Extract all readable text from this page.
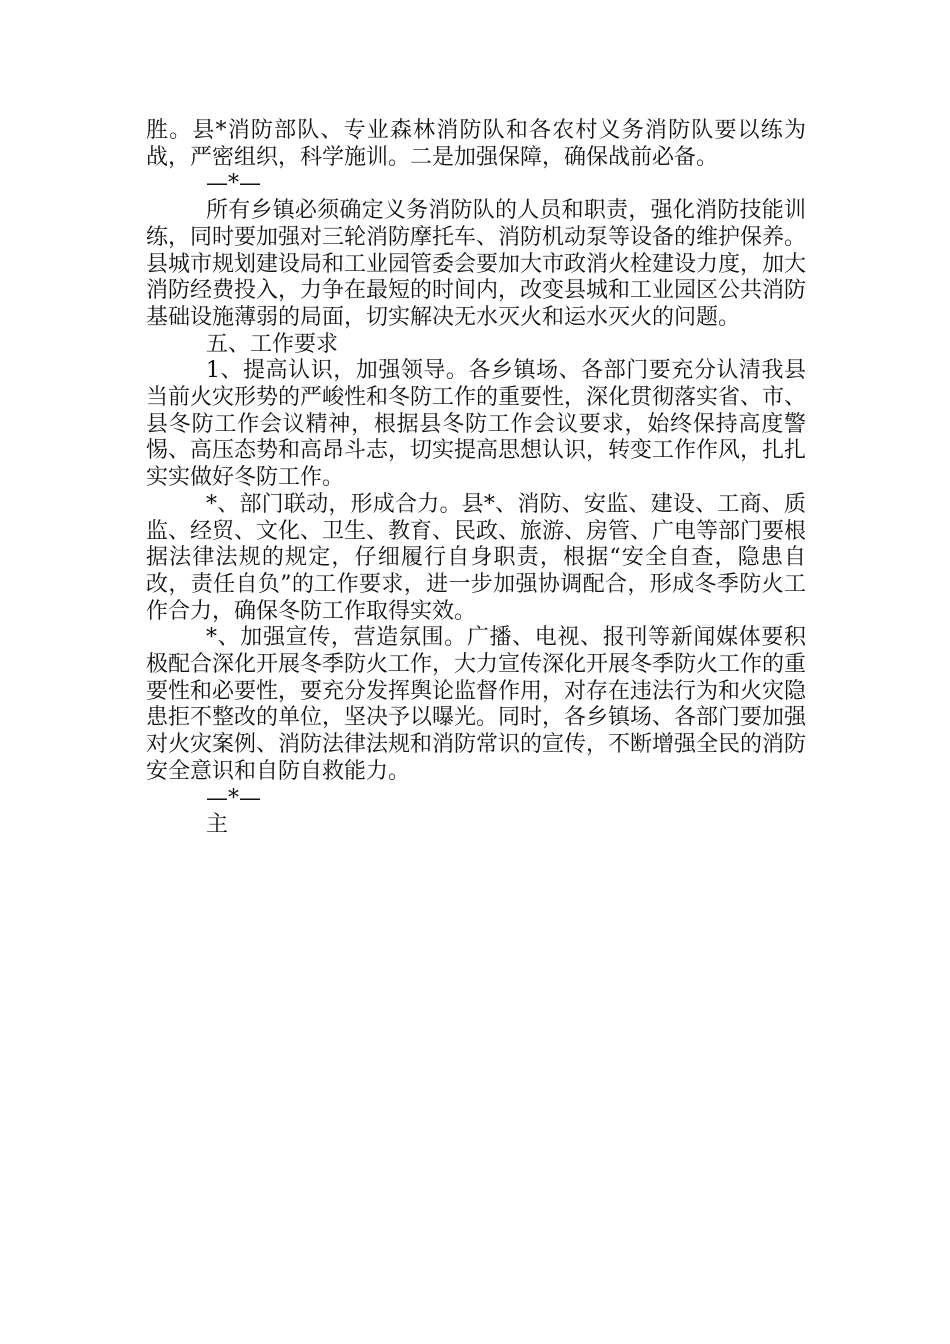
胜。县*消防部队、专业森林消防队和各农村义务消防队要以练为战，严密组织，科学施训。二是加强保障，确保战前必备。

—*—

所有乡镇必须确定义务消防队的人员和职责，强化消防技能训练，同时要加强对三轮消防摩托车、消防机动泵等设备的维护保养。县城市规划建设局和工业园管委会要加大市政消火栓建设力度，加大消防经费投入，力争在最短的时间内，改变县城和工业园区公共消防基础设施薄弱的局面，切实解决无水灭火和运水灭火的问题。

五、工作要求

1、提高认识，加强领导。各乡镇场、各部门要充分认清我县当前火灾形势的严峻性和冬防工作的重要性，深化贯彻落实省、市、县冬防工作会议精神，根据县冬防工作会议要求，始终保持高度警惕、高压态势和高昂斗志，切实提高思想认识，转变工作作风，扎扎实实做好冬防工作。

*、部门联动，形成合力。县*、消防、安监、建设、工商、质监、经贸、文化、卫生、教育、民政、旅游、房管、广电等部门要根据法律法规的规定，仔细履行自身职责，根据“安全自查，隐患自改，责任自负”的工作要求，进一步加强协调配合，形成冬季防火工作合力，确保冬防工作取得实效。

*、加强宣传，营造氛围。广播、电视、报刊等新闻媒体要积极配合深化开展冬季防火工作，大力宣传深化开展冬季防火工作的重要性和必要性，要充分发挥舆论监督作用，对存在违法行为和火灾隐患拒不整改的单位，坚决予以曝光。同时，各乡镇场、各部门要加强对火灾案例、消防法律法规和消防常识的宣传，不断增强全民的消防安全意识和自防自救能力。

—*—

主
